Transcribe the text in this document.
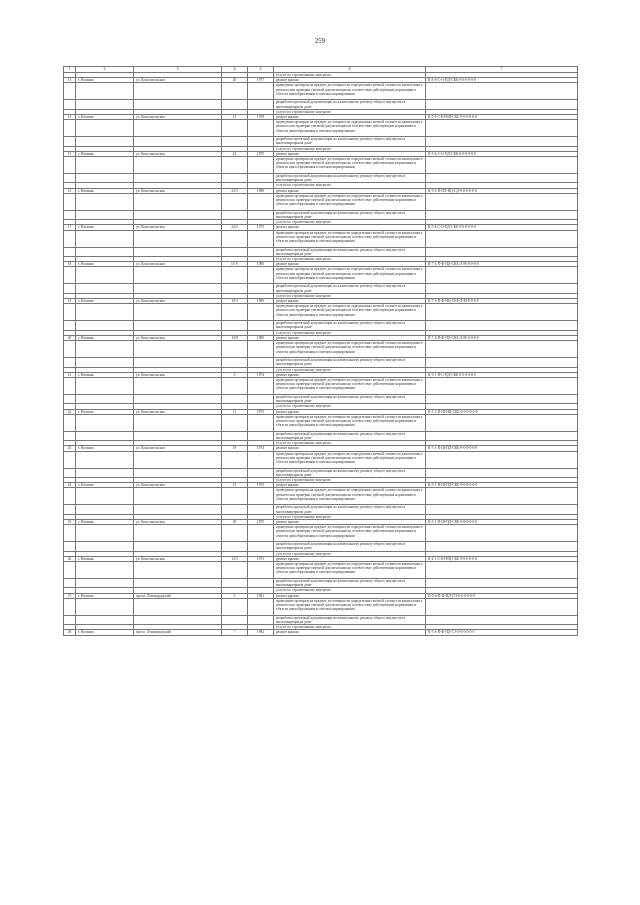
259
1	2	3	4	5	6	7
					услуги по строительному контролю	
13	г. Нальчик	ул. Комсомольская	20	1977	ремонт крыши	II-5-6-С-О-ПД-СКБ-0-0-0-0-0-0
					проведение проверки на предмет достоверности определения сметной стоимости капитального ремонта или проверки сметной документации на соответствие действующим нормативам в области ценообразования в сметном нормировании	
					разработка проектной документации на капитальному ремонту общего имущества в многоквартирном доме	
					услуги по строительному контролю	
14	г. Нальчик	ул. Комсомольская	21	1978	ремонт крыши	II-5-4-С-Ш-НЦ-СКБ-0-0-0-0-0-0
					проведение проверки на предмет достоверности определения сметной стоимости капитального ремонта или проверки сметной документации на соответствие действующим нормативам в области ценообразования в сметном нормировании	
					разработка проектной документации на капитальному ремонту общего имущества в многоквартирном доме	
					услуги по строительному контролю	
15	г. Нальчик	ул. Комсомольская	22	1975	ремонт крыши	II-5-4-С-О-ПД-СКБ-0-0-0-0-0-0
					проведение проверки на предмет достоверности определения сметной стоимости капитального ремонта или проверки сметной документации на соответствие действующим нормативам в области ценообразования в сметном нормировании	
					разработка проектной документации на капитальному ремонту общего имущества в многоквартирном доме	
					услуги по строительному контролю	
16	г. Нальчик	ул. Комсомольская	22/3	1988	ремонт крыши	К-5-2-П-ПЛ-НЦ-СД-0-0-0-0-0-0
					проведение проверки на предмет достоверности определения сметной стоимости капитального ремонта или проверки сметной документации на соответствие действующим нормативам в области ценообразования в сметном нормировании	
					разработка проектной документации на капитальному ремонту общего имущества в многоквартирном доме	
					услуги по строительному контролю	
17	г. Нальчик	ул. Комсомольская	22/2	1975	ремонт крыши	II-5-4-С-О-ПД-СКБ-0-0-0-0-0-0
					проведение проверки на предмет достоверности определения сметной стоимости капитального ремонта или проверки сметной документации на соответствие действующим нормативам в области ценообразования в сметном нормировании	
					разработка проектной документации на капитальному ремонту общего имущества в многоквартирном доме	
					услуги по строительному контролю	
18	г. Нальчик	ул. Комсомольская	10 А	1985	ремонт крыши	II-7-2-П-Ф-ПД-СКБ-Л-М-0-0-0-0
					проведение проверки на предмет достоверности определения сметной стоимости капитального ремонта или проверки сметной документации на соответствие действующим нормативам в области ценообразования в сметном нормировании	
					разработка проектной документации на капитальному ремонту общего имущества в многоквартирном доме	
					услуги по строительному контролю	
19	г. Нальчик	ул. Комсомольская	10/3	1983	ремонт крыши	II-7-3-П-Ф-НЦ-СКБ-Л-М-0-0-0-0
					проведение проверки на предмет достоверности определения сметной стоимости капитального ремонта или проверки сметной документации на соответствие действующим нормативам в области ценообразования в сметном нормировании	
					разработка проектной документации на капитальному ремонту общего имущества в многоквартирном доме	
					услуги по строительному контролю	
20	г. Нальчик	ул. Комсомольская	10/8	1985	ремонт крыши	II-7-4-П-Ф-ПД-СКБ-Л-М-0-0-0-0
					проведение проверки на предмет достоверности определения сметной стоимости капитального ремонта или проверки сметной документации на соответствие действующим нормативам в области ценообразования в сметном нормировании	
					разработка проектной документации на капитальному ремонту общего имущества в многоквартирном доме	
					услуги по строительному контролю	
21	г. Нальчик	ул. Комсомольская	9	1974	ремонт крыши	К-5-1-П-С-ПД-СКБ-0-0-0-0-0-0
					проведение проверки на предмет достоверности определения сметной стоимости капитального ремонта или проверки сметной документации на соответствие действующим нормативам в области ценообразования в сметном нормировании	
					разработка проектной документации на капитальному ремонту общего имущества в многоквартирном доме	
					услуги по строительному контролю	
22	г. Нальчик	ул. Комсомольская	11	1975	ремонт крыши	К-5-1-П-Ш-НЦ-СКБ-0-0-0-0-0-0
					проведение проверки на предмет достоверности определения сметной стоимости капитального ремонта или проверки сметной документации на соответствие действующим нормативам в области ценообразования в сметном нормировании	
					разработка проектной документации на капитальному ремонту общего имущества в многоквартирном доме	
					услуги по строительному контролю	
23	г. Нальчик	ул. Комсомольская	19	1974	ремонт крыши	К-5-1-П-Ш-ПД-СКБ-0-0-0-0-0-0
					проведение проверки на предмет достоверности определения сметной стоимости капитального ремонта или проверки сметной документации на соответствие действующим нормативам в области ценообразования в сметном нормировании	
					разработка проектной документации на капитальному ремонту общего имущества в многоквартирном доме	
					услуги по строительному контролю	
24	г. Нальчик	ул. Комсомольская	23	1973	ремонт крыши	К-5-1-П-Ш-ПД-СКБ-0-0-0-0-0-0
					проведение проверки на предмет достоверности определения сметной стоимости капитального ремонта или проверки сметной документации на соответствие действующим нормативам в области ценообразования в сметном нормировании	
					разработка проектной документации на капитальному ремонту общего имущества в многоквартирном доме	
					услуги по строительному контролю	
25	г. Нальчик	ул. Комсомольская	29	1975	ремонт крыши	К-5-1-П-Ш-ПД-СКБ-0-0-0-0-0-0
					проведение проверки на предмет достоверности определения сметной стоимости капитального ремонта или проверки сметной документации на соответствие действующим нормативам в области ценообразования в сметном нормировании	
					разработка проектной документации на капитальному ремонту общего имущества в многоквартирном доме	
					услуги по строительному контролю	
26	г. Нальчик	ул. Комсомольская	12/3	1973	ремонт крыши	К-4-1-С-Ш-НЦ-СКБ-0-0-0-0-0-0
					проведение проверки на предмет достоверности определения сметной стоимости капитального ремонта или проверки сметной документации на соответствие действующим нормативам в области ценообразования в сметном нормировании	
					разработка проектной документации на капитальному ремонту общего имущества в многоквартирном доме	
					услуги по строительному контролю	
27	г. Нальчик	просп. Ленинградский	3	1981	ремонт крыши	П-5-4-П-Ф-ПД-СП-0-0-0-0-0-0
					проведение проверки на предмет достоверности определения сметной стоимости капитального ремонта или проверки сметной документации на соответствие действующим нормативам в области ценообразования в сметном нормировании	
					разработка проектной документации на капитальному ремонту общего имущества в многоквартирном доме	
					услуги по строительному контролю	
28	г. Нальчик	просп. Ленинградский	7	1982	ремонт крыши	II-5-4-П-Ф-ПД-СЭ-0-0-0-0-0-0
